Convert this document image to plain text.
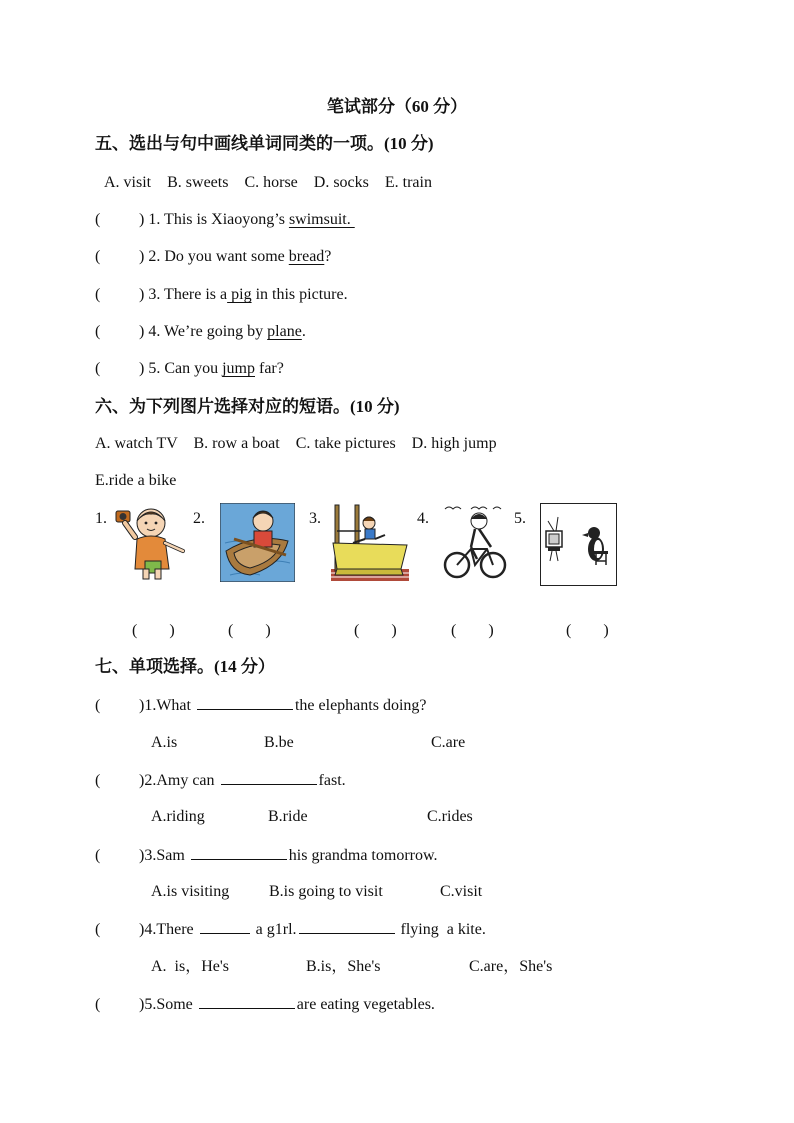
笔试部分（60 分）
五、选出与句中画线单词同类的一项。(10 分)
A. visit    B. sweets    C. horse    D. socks    E. train
( ) 1. This is Xiaoyong’s swimsuit.
( ) 2. Do you want some bread?
( ) 3. There is a pig in this picture.
( ) 4. We’re going by plane.
( ) 5. Can you jump far?
六、为下列图片选择对应的短语。(10 分)
A. watch TV    B. row a boat    C. take pictures    D. high jump
E.ride a bike
1.	2.	3.	4.	5.
(        )	(        )	(        )	(        )	(        )
七、单项选择。(14 分）
( )1.What	the elephants doing?
A.is	B.be	C.are
( )2.Amy can	fast.
A.riding	B.ride	C.rides
( )3.Sam	his grandma tomorrow.
A.is visiting B.is going to visit	C.visit
( )4.There	a g1rl.	flying  a kite.
A.  is，He's	B.is，She's	C.are，She's
( )5.Some	are eating vegetables.
